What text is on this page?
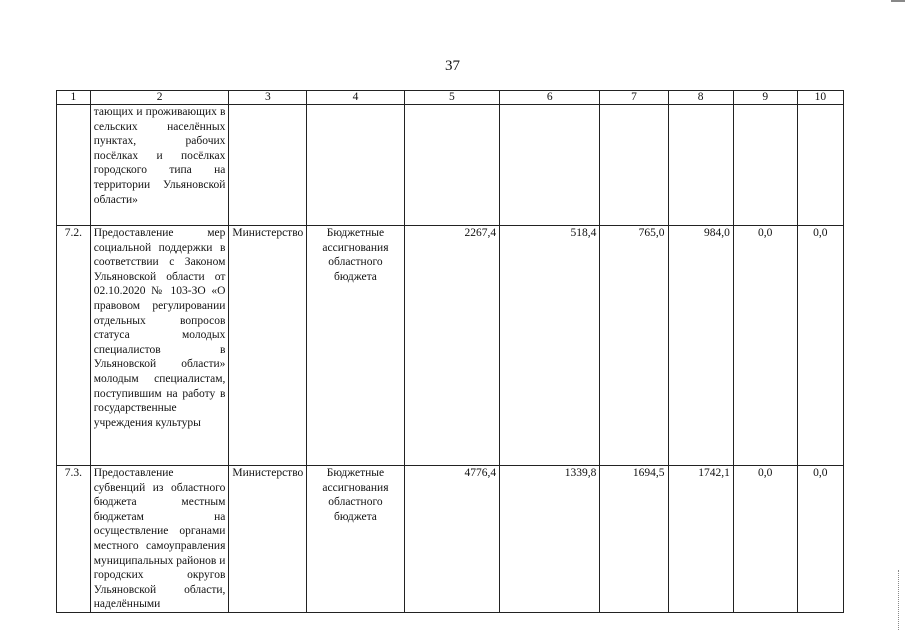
37
1	2	3	4	5	6	7	8	9	10
	тающих и проживающих в сельских населённых пунктах, рабочих посёлках и посёлках городского типа на территории Ульяновской области»								
7.2.	Предоставление мер социальной поддержки в соответствии с Законом Ульяновской области от 02.10.2020 № 103-ЗО «О правовом регулировании отдельных вопросов статуса молодых специалистов в Ульяновской области» молодым специалистам, поступившим на работу в государственные учреждения культуры	Министерство	Бюджетные ассигнования областного бюджета	2267,4	518,4	765,0	984,0	0,0	0,0
7.3.	Предоставление субвенций из областного бюджета местным бюджетам на осуществление органами местного самоуправления муниципальных районов и городских округов Ульяновской области, наделёнными	Министерство	Бюджетные ассигнования областного бюджета	4776,4	1339,8	1694,5	1742,1	0,0	0,0
